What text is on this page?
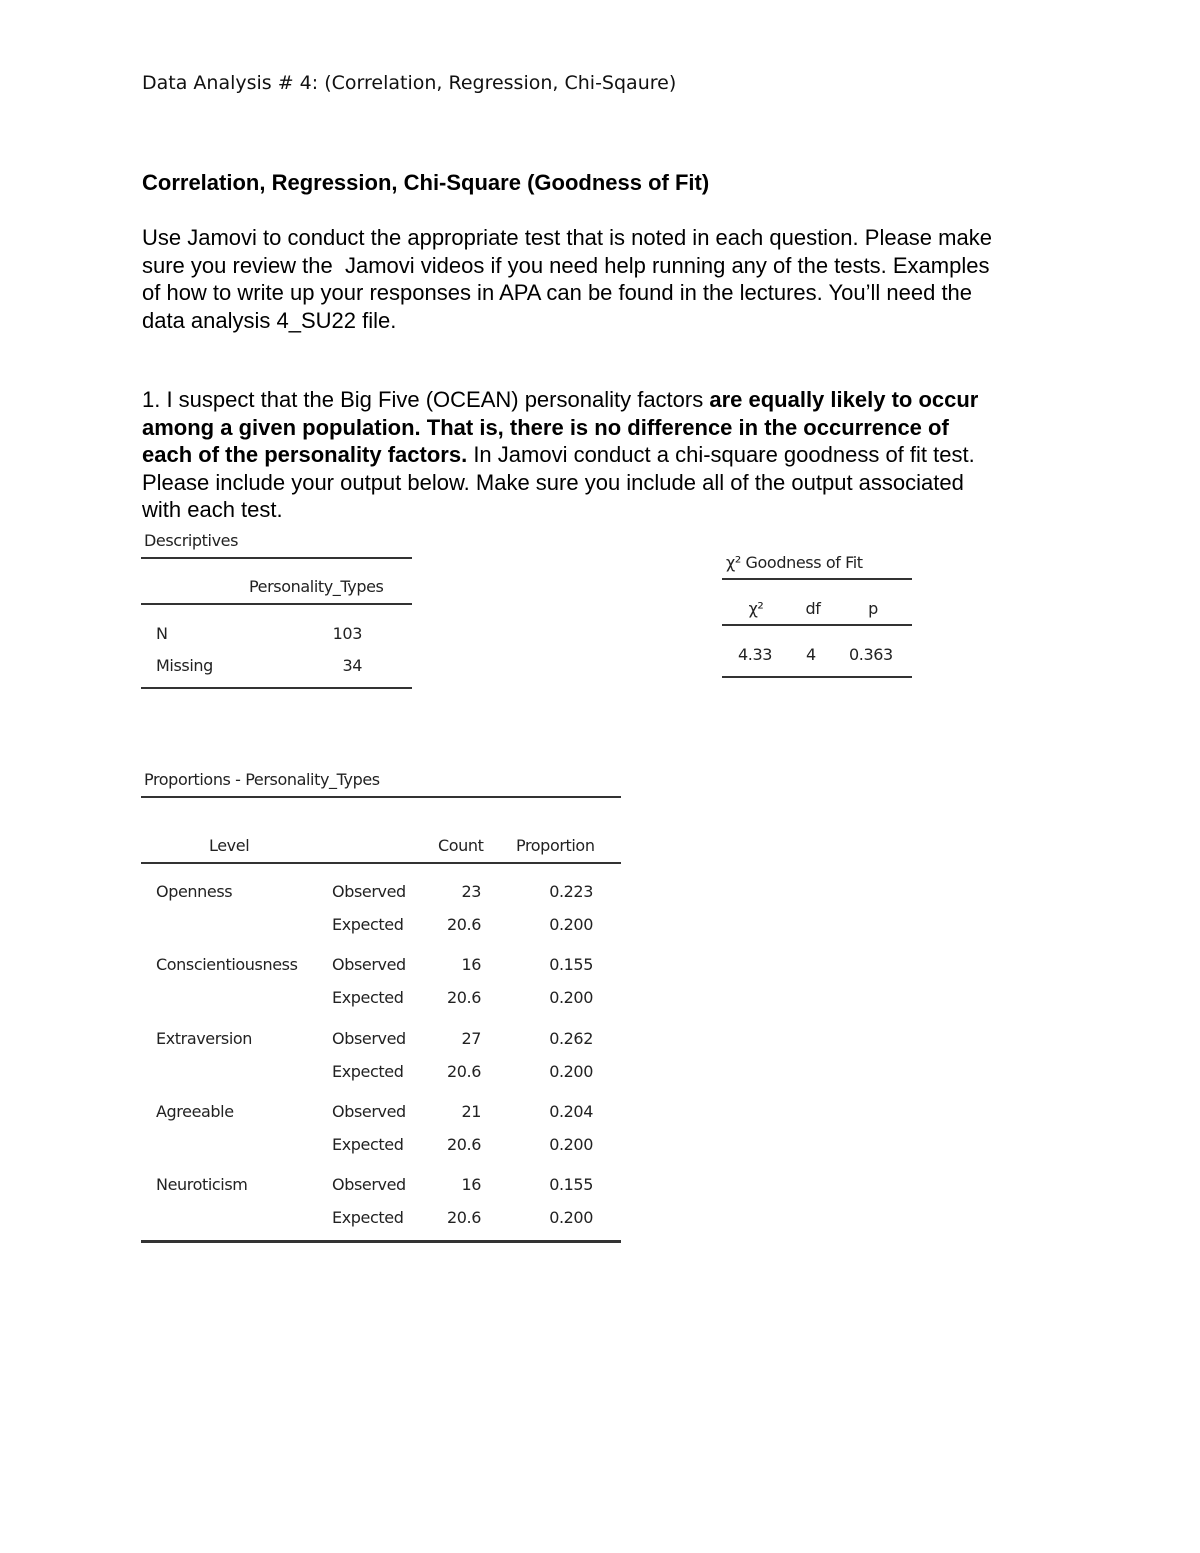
Data Analysis # 4: (Correlation, Regression, Chi-Sqaure)
Correlation, Regression, Chi-Square (Goodness of Fit)
Use Jamovi to conduct the appropriate test that is noted in each question. Please make
sure you review the  Jamovi videos if you need help running any of the tests. Examples
of how to write up your responses in APA can be found in the lectures. You’ll need the
data analysis 4_SU22 file.
1. I suspect that the Big Five (OCEAN) personality factors are equally likely to occur
among a given population. That is, there is no difference in the occurrence of
each of the personality factors. In Jamovi conduct a chi-square goodness of fit test.
Please include your output below. Make sure you include all of the output associated
with each test.
Descriptives
Personality_Types
N	103
Missing	34
χ² Goodness of Fit
χ²	df	p
4.33 4 0.363
Proportions - Personality_Types
Level	Count Proportion
Openness	Observed	23	0.223
Expected	20.6	0.200
Conscientiousness Observed	16	0.155
Expected	20.6	0.200
Extraversion	Observed	27	0.262
Expected	20.6	0.200
Agreeable	Observed	21	0.204
Expected	20.6	0.200
Neuroticism	Observed	16	0.155
Expected	20.6	0.200
